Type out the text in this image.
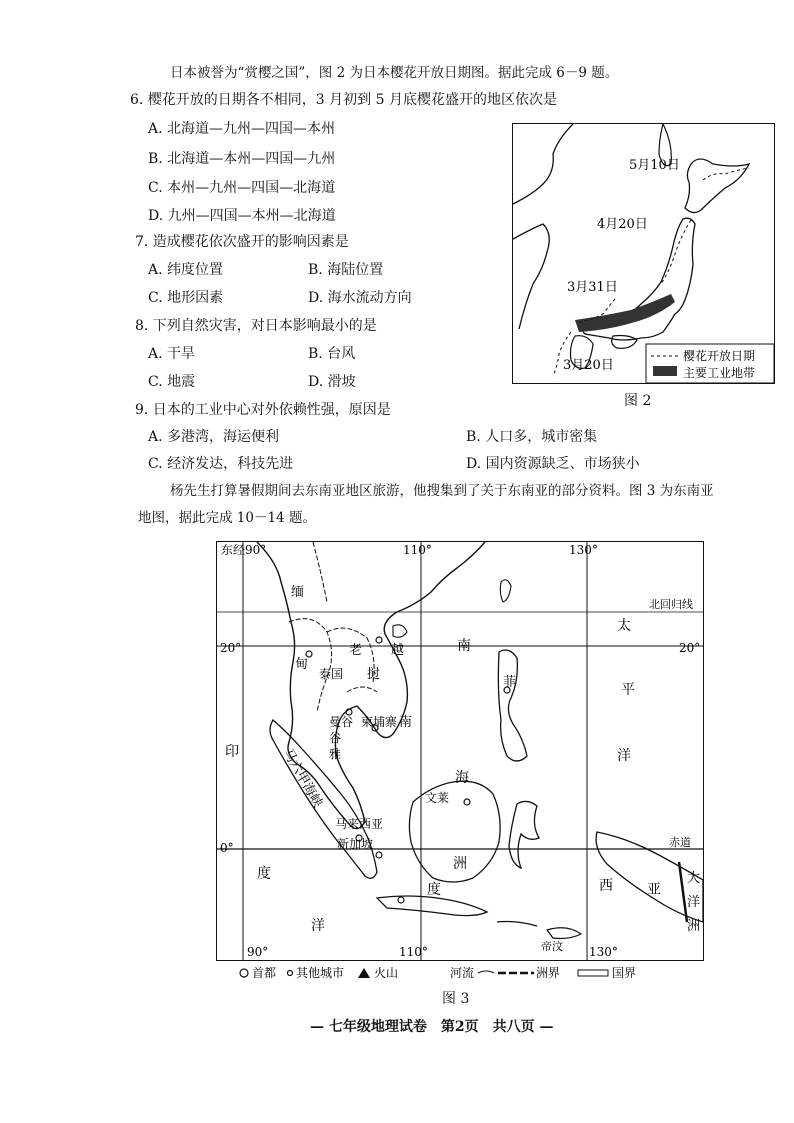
日本被誉为“赏樱之国”，图 2 为日本樱花开放日期图。据此完成 6－9 题。
6. 樱花开放的日期各不相同，3 月初到 5 月底樱花盛开的地区依次是
A. 北海道—九州—四国—本州
B. 北海道—本州—四国—九州
C. 本州—九州—四国—北海道
D. 九州—四国—本州—北海道
7. 造成樱花依次盛开的影响因素是
A. 纬度位置	B. 海陆位置
C. 地形因素	D. 海水流动方向
8. 下列自然灾害，对日本影响最小的是
A. 干旱	B. 台风
C. 地震	D. 滑坡
9. 日本的工业中心对外依赖性强，原因是
A. 多港湾，海运便利	B. 人口多，城市密集
C. 经济发达，科技先进	D. 国内资源缺乏、市场狭小
5月10日
4月20日
3月31日
3月20日
樱花开放日期
主要工业地带
图 2
杨先生打算暑假期间去东南亚地区旅游，他搜集到了关于东南亚的部分资料。图 3 为东南亚
地图，据此完成 10－14 题。
东经90°	110°	130°
90°	110°	130°
20°
0°
20°
赤道
北回归线
缅
甸
老
挝
泰国
柬埔寨
越
南
曼谷
谷
雅
马六甲海峡
马来西亚
新加坡
文莱
菲
南
海
印
度
洋
太
平
洋
洲
度	西 亚
大
洋
洲
帝汶
首都 其他城市 火山	河流	洲界	国界
图 3
— 七年级地理试卷　第2页　共八页 —
